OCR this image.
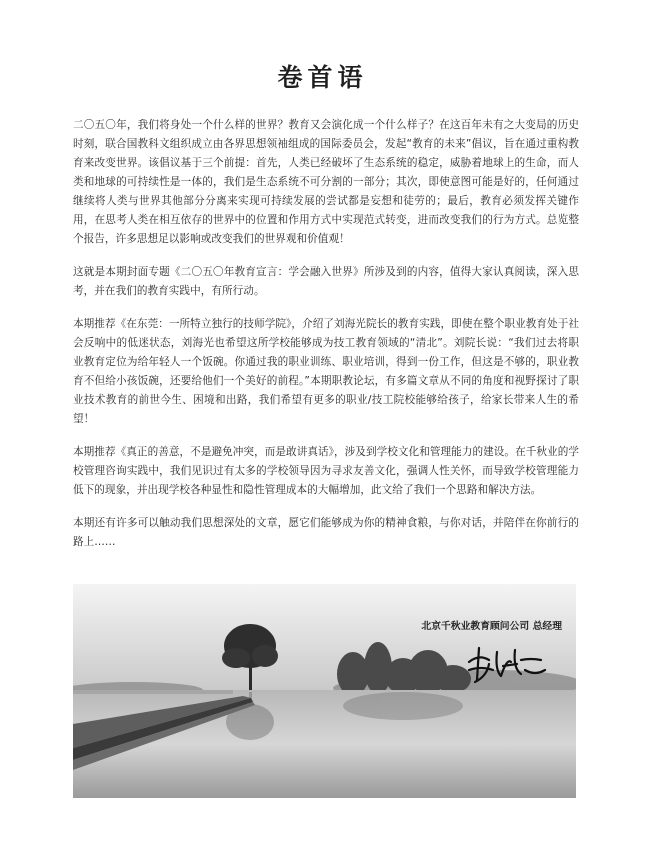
卷首语

二〇五〇年，我们将身处一个什么样的世界？教育又会演化成一个什么样子？在这百年未有之大变局的历史时刻，联合国教科文组织成立由各界思想领袖组成的国际委员会，发起“教育的未来”倡议，旨在通过重构教育来改变世界。该倡议基于三个前提：首先，人类已经破坏了生态系统的稳定，威胁着地球上的生命，而人类和地球的可持续性是一体的，我们是生态系统不可分割的一部分；其次，即使意图可能是好的，任何通过继续将人类与世界其他部分分离来实现可持续发展的尝试都是妄想和徒劳的；最后，教育必须发挥关键作用，在思考人类在相互依存的世界中的位置和作用方式中实现范式转变，进而改变我们的行为方式。总览整个报告，许多思想足以影响或改变我们的世界观和价值观！

这就是本期封面专题《二〇五〇年教育宣言：学会融入世界》所涉及到的内容，值得大家认真阅读，深入思考，并在我们的教育实践中，有所行动。

本期推荐《在东莞：一所特立独行的技师学院》，介绍了刘海光院长的教育实践，即使在整个职业教育处于社会反响中的低迷状态，刘海光也希望这所学校能够成为技工教育领域的“清北”。刘院长说：“我们过去将职业教育定位为给年轻人一个饭碗。你通过我的职业训练、职业培训，得到一份工作，但这是不够的，职业教育不但给小孩饭碗，还要给他们一个美好的前程。”本期职教论坛，有多篇文章从不同的角度和视野探讨了职业技术教育的前世今生、困境和出路，我们希望有更多的职业/技工院校能够给孩子，给家长带来人生的希望！

本期推荐《真正的善意，不是避免冲突，而是敢讲真话》，涉及到学校文化和管理能力的建设。在千秋业的学校管理咨询实践中，我们见识过有太多的学校领导因为寻求友善文化，强调人性关怀，而导致学校管理能力低下的现象，并出现学校各种显性和隐性管理成本的大幅增加，此文给了我们一个思路和解决方法。

本期还有许多可以触动我们思想深处的文章，愿它们能够成为你的精神食粮，与你对话，并陪伴在你前行的路上……

北京千秋业教育顾问公司 总经理
